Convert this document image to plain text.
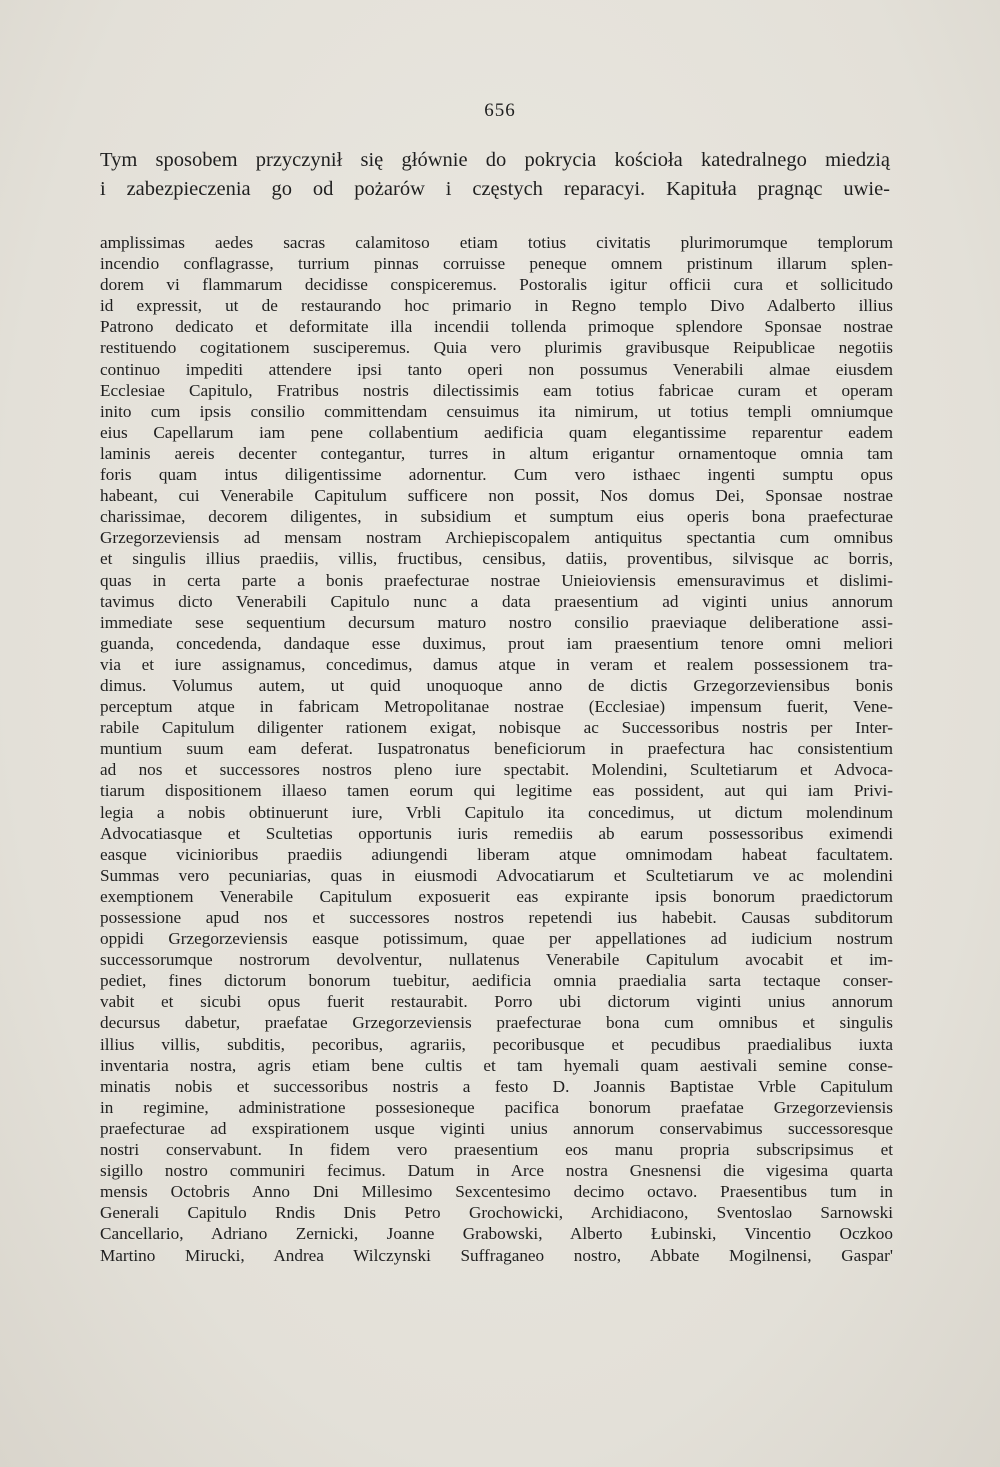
656
Tym sposobem przyczynił się głównie do pokrycia kościoła katedralnego miedzią
i zabezpieczenia go od pożarów i częstych reparacyi. Kapituła pragnąc uwie-
amplissimas aedes sacras calamitoso etiam totius civitatis plurimorumque templorum
incendio conflagrasse, turrium pinnas corruisse peneque omnem pristinum illarum splen-
dorem vi flammarum decidisse conspiceremus. Postoralis igitur officii cura et sollicitudo
id expressit, ut de restaurando hoc primario in Regno templo Divo Adalberto illius
Patrono dedicato et deformitate illa incendii tollenda primoque splendore Sponsae nostrae
restituendo cogitationem susciperemus. Quia vero plurimis gravibusque Reipublicae negotiis
continuo impediti attendere ipsi tanto operi non possumus Venerabili almae eiusdem
Ecclesiae Capitulo, Fratribus nostris dilectissimis eam totius fabricae curam et operam
inito cum ipsis consilio committendam censuimus ita nimirum, ut totius templi omniumque
eius Capellarum iam pene collabentium aedificia quam elegantissime reparentur eadem
laminis aereis decenter contegantur, turres in altum erigantur ornamentoque omnia tam
foris quam intus diligentissime adornentur. Cum vero isthaec ingenti sumptu opus
habeant, cui Venerabile Capitulum sufficere non possit, Nos domus Dei, Sponsae nostrae
charissimae, decorem diligentes, in subsidium et sumptum eius operis bona praefecturae
Grzegorzeviensis ad mensam nostram Archiepiscopalem antiquitus spectantia cum omnibus
et singulis illius praediis, villis, fructibus, censibus, datiis, proventibus, silvisque ac borris,
quas in certa parte a bonis praefecturae nostrae Unieioviensis emensuravimus et dislimi-
tavimus dicto Venerabili Capitulo nunc a data praesentium ad viginti unius annorum
immediate sese sequentium decursum maturo nostro consilio praeviaque deliberatione assi-
guanda, concedenda, dandaque esse duximus, prout iam praesentium tenore omni meliori
via et iure assignamus, concedimus, damus atque in veram et realem possessionem tra-
dimus. Volumus autem, ut quid unoquoque anno de dictis Grzegorzeviensibus bonis
perceptum atque in fabricam Metropolitanae nostrae (Ecclesiae) impensum fuerit, Vene-
rabile Capitulum diligenter rationem exigat, nobisque ac Successoribus nostris per Inter-
muntium suum eam deferat. Iuspatronatus beneficiorum in praefectura hac consistentium
ad nos et successores nostros pleno iure spectabit. Molendini, Scultetiarum et Advoca-
tiarum dispositionem illaeso tamen eorum qui legitime eas possident, aut qui iam Privi-
legia a nobis obtinuerunt iure, Vrbli Capitulo ita concedimus, ut dictum molendinum
Advocatiasque et Scultetias opportunis iuris remediis ab earum possessoribus eximendi
easque vicinioribus praediis adiungendi liberam atque omnimodam habeat facultatem.
Summas vero pecuniarias, quas in eiusmodi Advocatiarum et Scultetiarum ve ac molendini
exemptionem Venerabile Capitulum exposuerit eas expirante ipsis bonorum praedictorum
possessione apud nos et successores nostros repetendi ius habebit. Causas subditorum
oppidi Grzegorzeviensis easque potissimum, quae per appellationes ad iudicium nostrum
successorumque nostrorum devolventur, nullatenus Venerabile Capitulum avocabit et im-
pediet, fines dictorum bonorum tuebitur, aedificia omnia praedialia sarta tectaque conser-
vabit et sicubi opus fuerit restaurabit. Porro ubi dictorum viginti unius annorum
decursus dabetur, praefatae Grzegorzeviensis praefecturae bona cum omnibus et singulis
illius villis, subditis, pecoribus, agrariis, pecoribusque et pecudibus praedialibus iuxta
inventaria nostra, agris etiam bene cultis et tam hyemali quam aestivali semine conse-
minatis nobis et successoribus nostris a festo D. Joannis Baptistae Vrble Capitulum
in regimine, administratione possesioneque pacifica bonorum praefatae Grzegorzeviensis
praefecturae ad exspirationem usque viginti unius annorum conservabimus successoresque
nostri conservabunt. In fidem vero praesentium eos manu propria subscripsimus et
sigillo nostro communiri fecimus. Datum in Arce nostra Gnesnensi die vigesima quarta
mensis Octobris Anno Dni Millesimo Sexcentesimo decimo octavo. Praesentibus tum in
Generali Capitulo Rndis Dnis Petro Grochowicki, Archidiacono, Sventoslao Sarnowski
Cancellario, Adriano Zernicki, Joanne Grabowski, Alberto Łubinski, Vincentio Oczkoo
Martino Mirucki, Andrea Wilczynski Suffraganeo nostro, Abbate Mogilnensi, Gaspar'
